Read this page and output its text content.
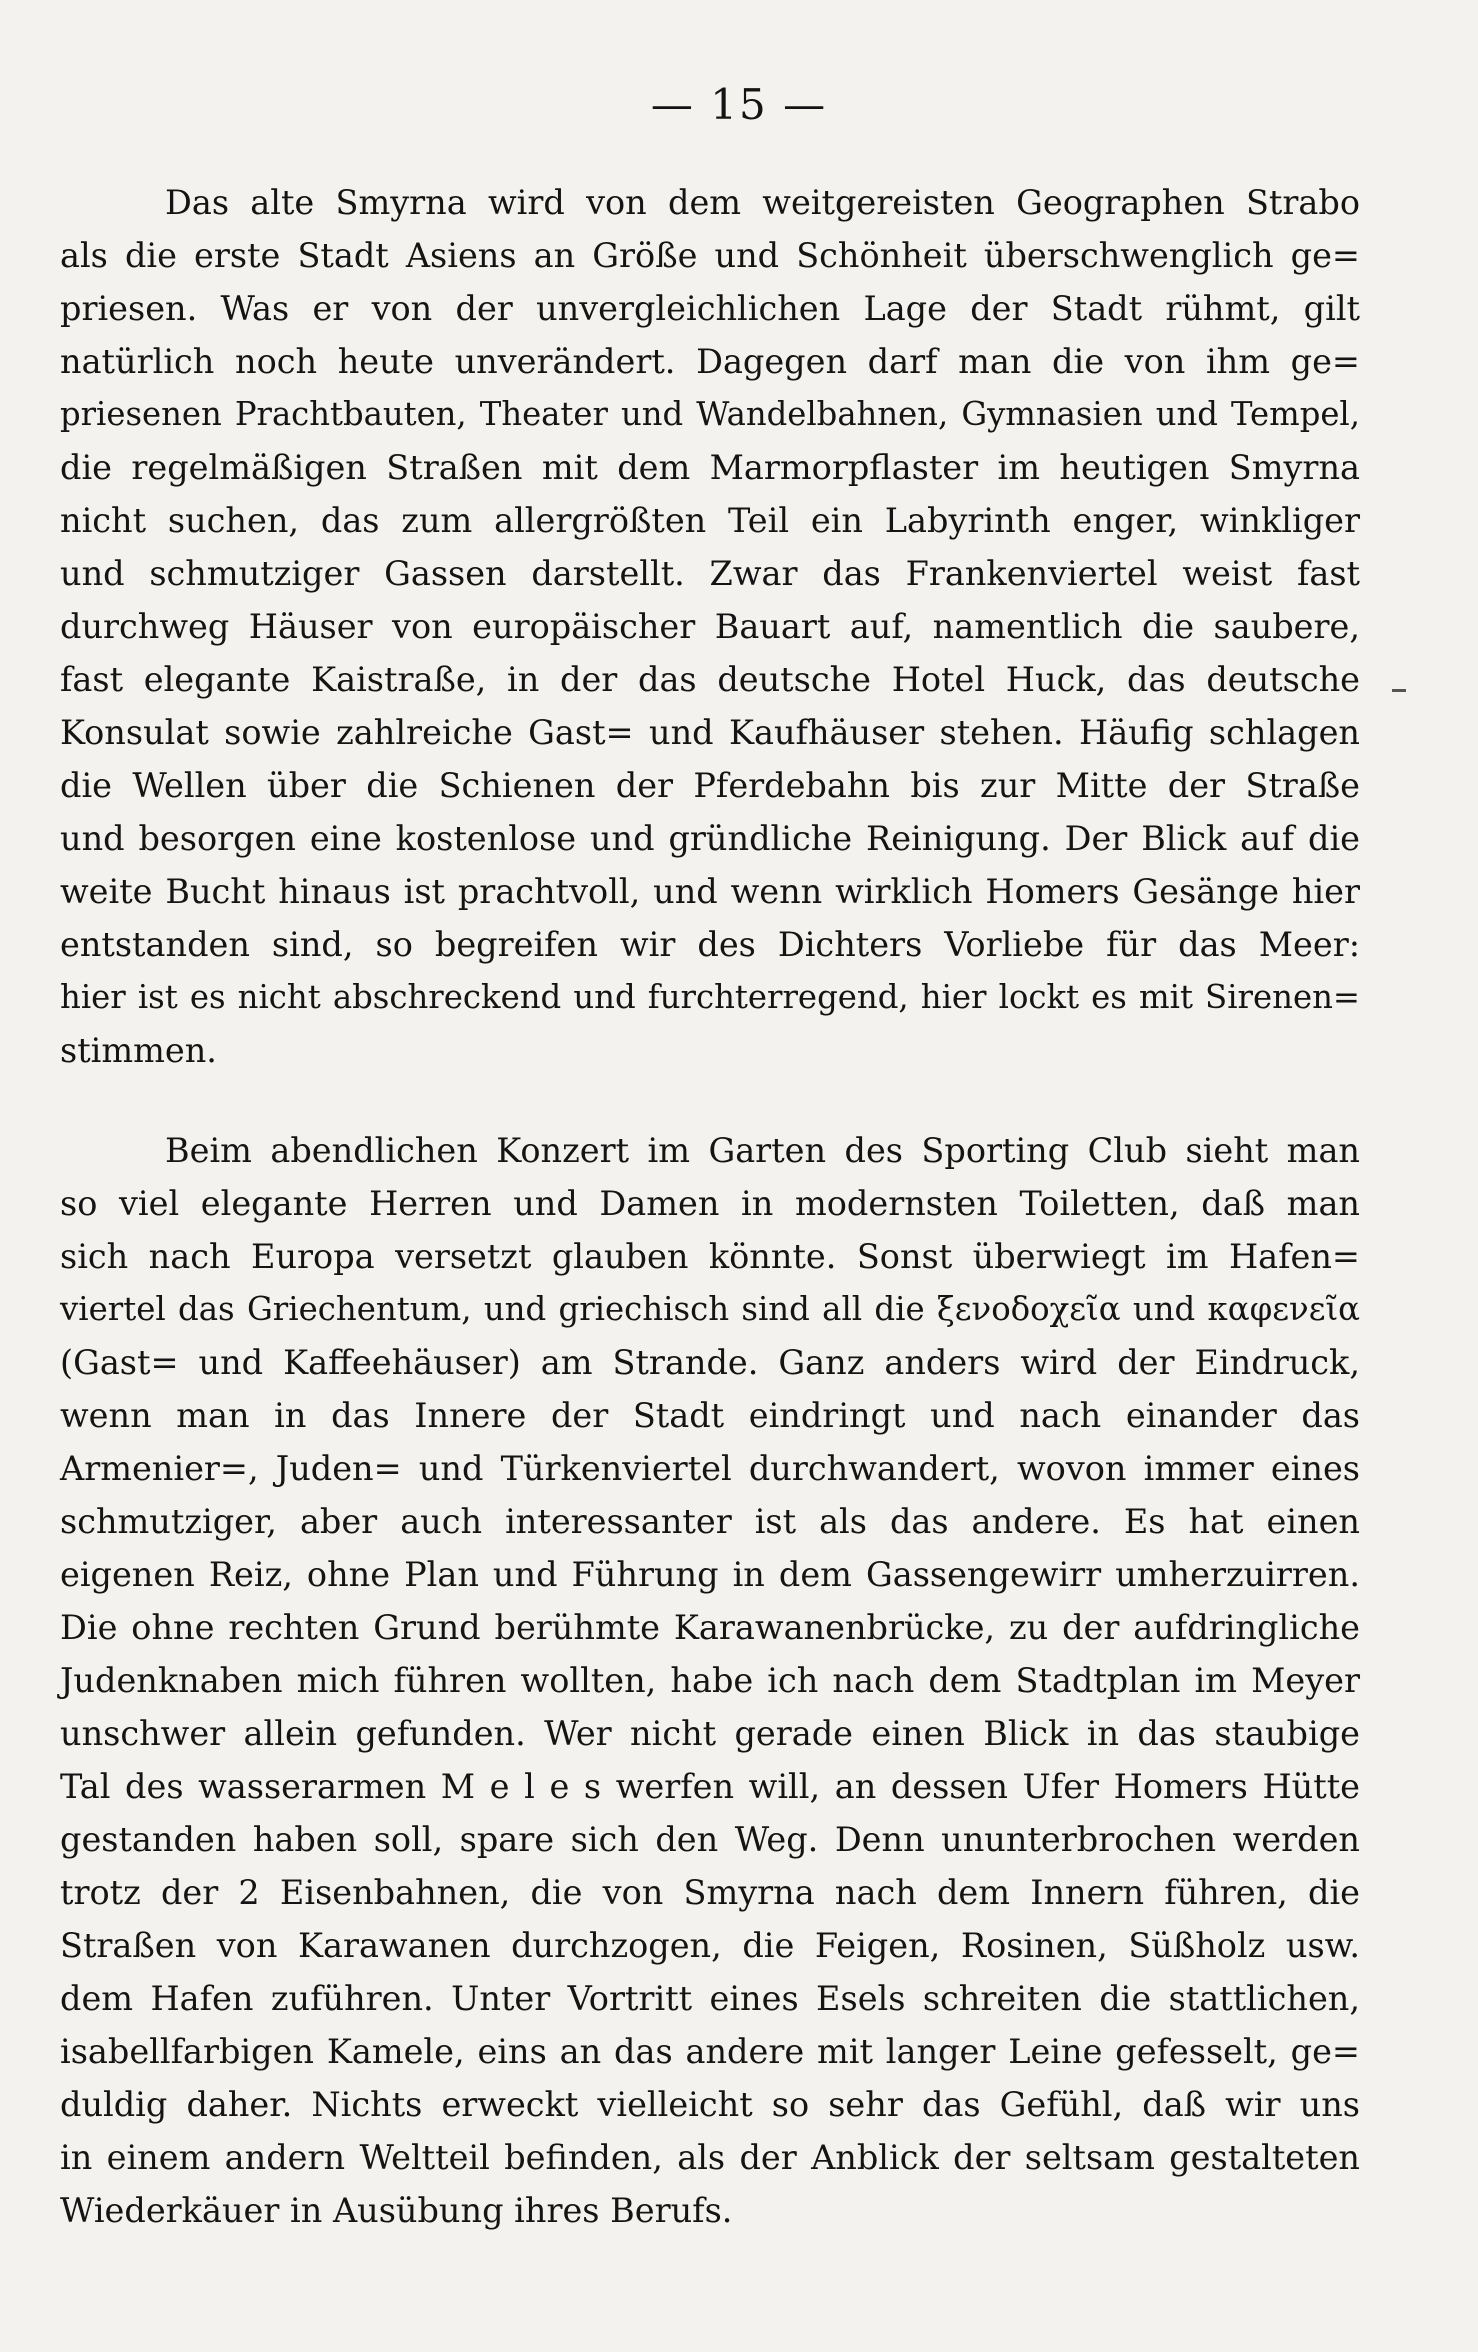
— 15 —
Das alte Smyrna wird von dem weitgereisten Geographen Strabo
als die erste Stadt Asiens an Größe und Schönheit überschwenglich ge=
priesen. Was er von der unvergleichlichen Lage der Stadt rühmt, gilt
natürlich noch heute unverändert. Dagegen darf man die von ihm ge=
priesenen Prachtbauten, Theater und Wandelbahnen, Gymnasien und Tempel,
die regelmäßigen Straßen mit dem Marmorpflaster im heutigen Smyrna
nicht suchen, das zum allergrößten Teil ein Labyrinth enger, winkliger
und schmutziger Gassen darstellt. Zwar das Frankenviertel weist fast
durchweg Häuser von europäischer Bauart auf, namentlich die saubere,
fast elegante Kaistraße, in der das deutsche Hotel Huck, das deutsche
Konsulat sowie zahlreiche Gast= und Kaufhäuser stehen. Häufig schlagen
die Wellen über die Schienen der Pferdebahn bis zur Mitte der Straße
und besorgen eine kostenlose und gründliche Reinigung. Der Blick auf die
weite Bucht hinaus ist prachtvoll, und wenn wirklich Homers Gesänge hier
entstanden sind, so begreifen wir des Dichters Vorliebe für das Meer:
hier ist es nicht abschreckend und furchterregend, hier lockt es mit Sirenen=
stimmen.
Beim abendlichen Konzert im Garten des Sporting Club sieht man
so viel elegante Herren und Damen in modernsten Toiletten, daß man
sich nach Europa versetzt glauben könnte. Sonst überwiegt im Hafen=
viertel das Griechentum, und griechisch sind all die ξενοδοχεῖα und καφενεῖα
(Gast= und Kaffeehäuser) am Strande. Ganz anders wird der Eindruck,
wenn man in das Innere der Stadt eindringt und nach einander das
Armenier=, Juden= und Türkenviertel durchwandert, wovon immer eines
schmutziger, aber auch interessanter ist als das andere. Es hat einen
eigenen Reiz, ohne Plan und Führung in dem Gassengewirr umherzuirren.
Die ohne rechten Grund berühmte Karawanenbrücke, zu der aufdringliche
Judenknaben mich führen wollten, habe ich nach dem Stadtplan im Meyer
unschwer allein gefunden. Wer nicht gerade einen Blick in das staubige
Tal des wasserarmen M e l e s werfen will, an dessen Ufer Homers Hütte
gestanden haben soll, spare sich den Weg. Denn ununterbrochen werden
trotz der 2 Eisenbahnen, die von Smyrna nach dem Innern führen, die
Straßen von Karawanen durchzogen, die Feigen, Rosinen, Süßholz usw.
dem Hafen zuführen. Unter Vortritt eines Esels schreiten die stattlichen,
isabellfarbigen Kamele, eins an das andere mit langer Leine gefesselt, ge=
duldig daher. Nichts erweckt vielleicht so sehr das Gefühl, daß wir uns
in einem andern Weltteil befinden, als der Anblick der seltsam gestalteten
Wiederkäuer in Ausübung ihres Berufs.
